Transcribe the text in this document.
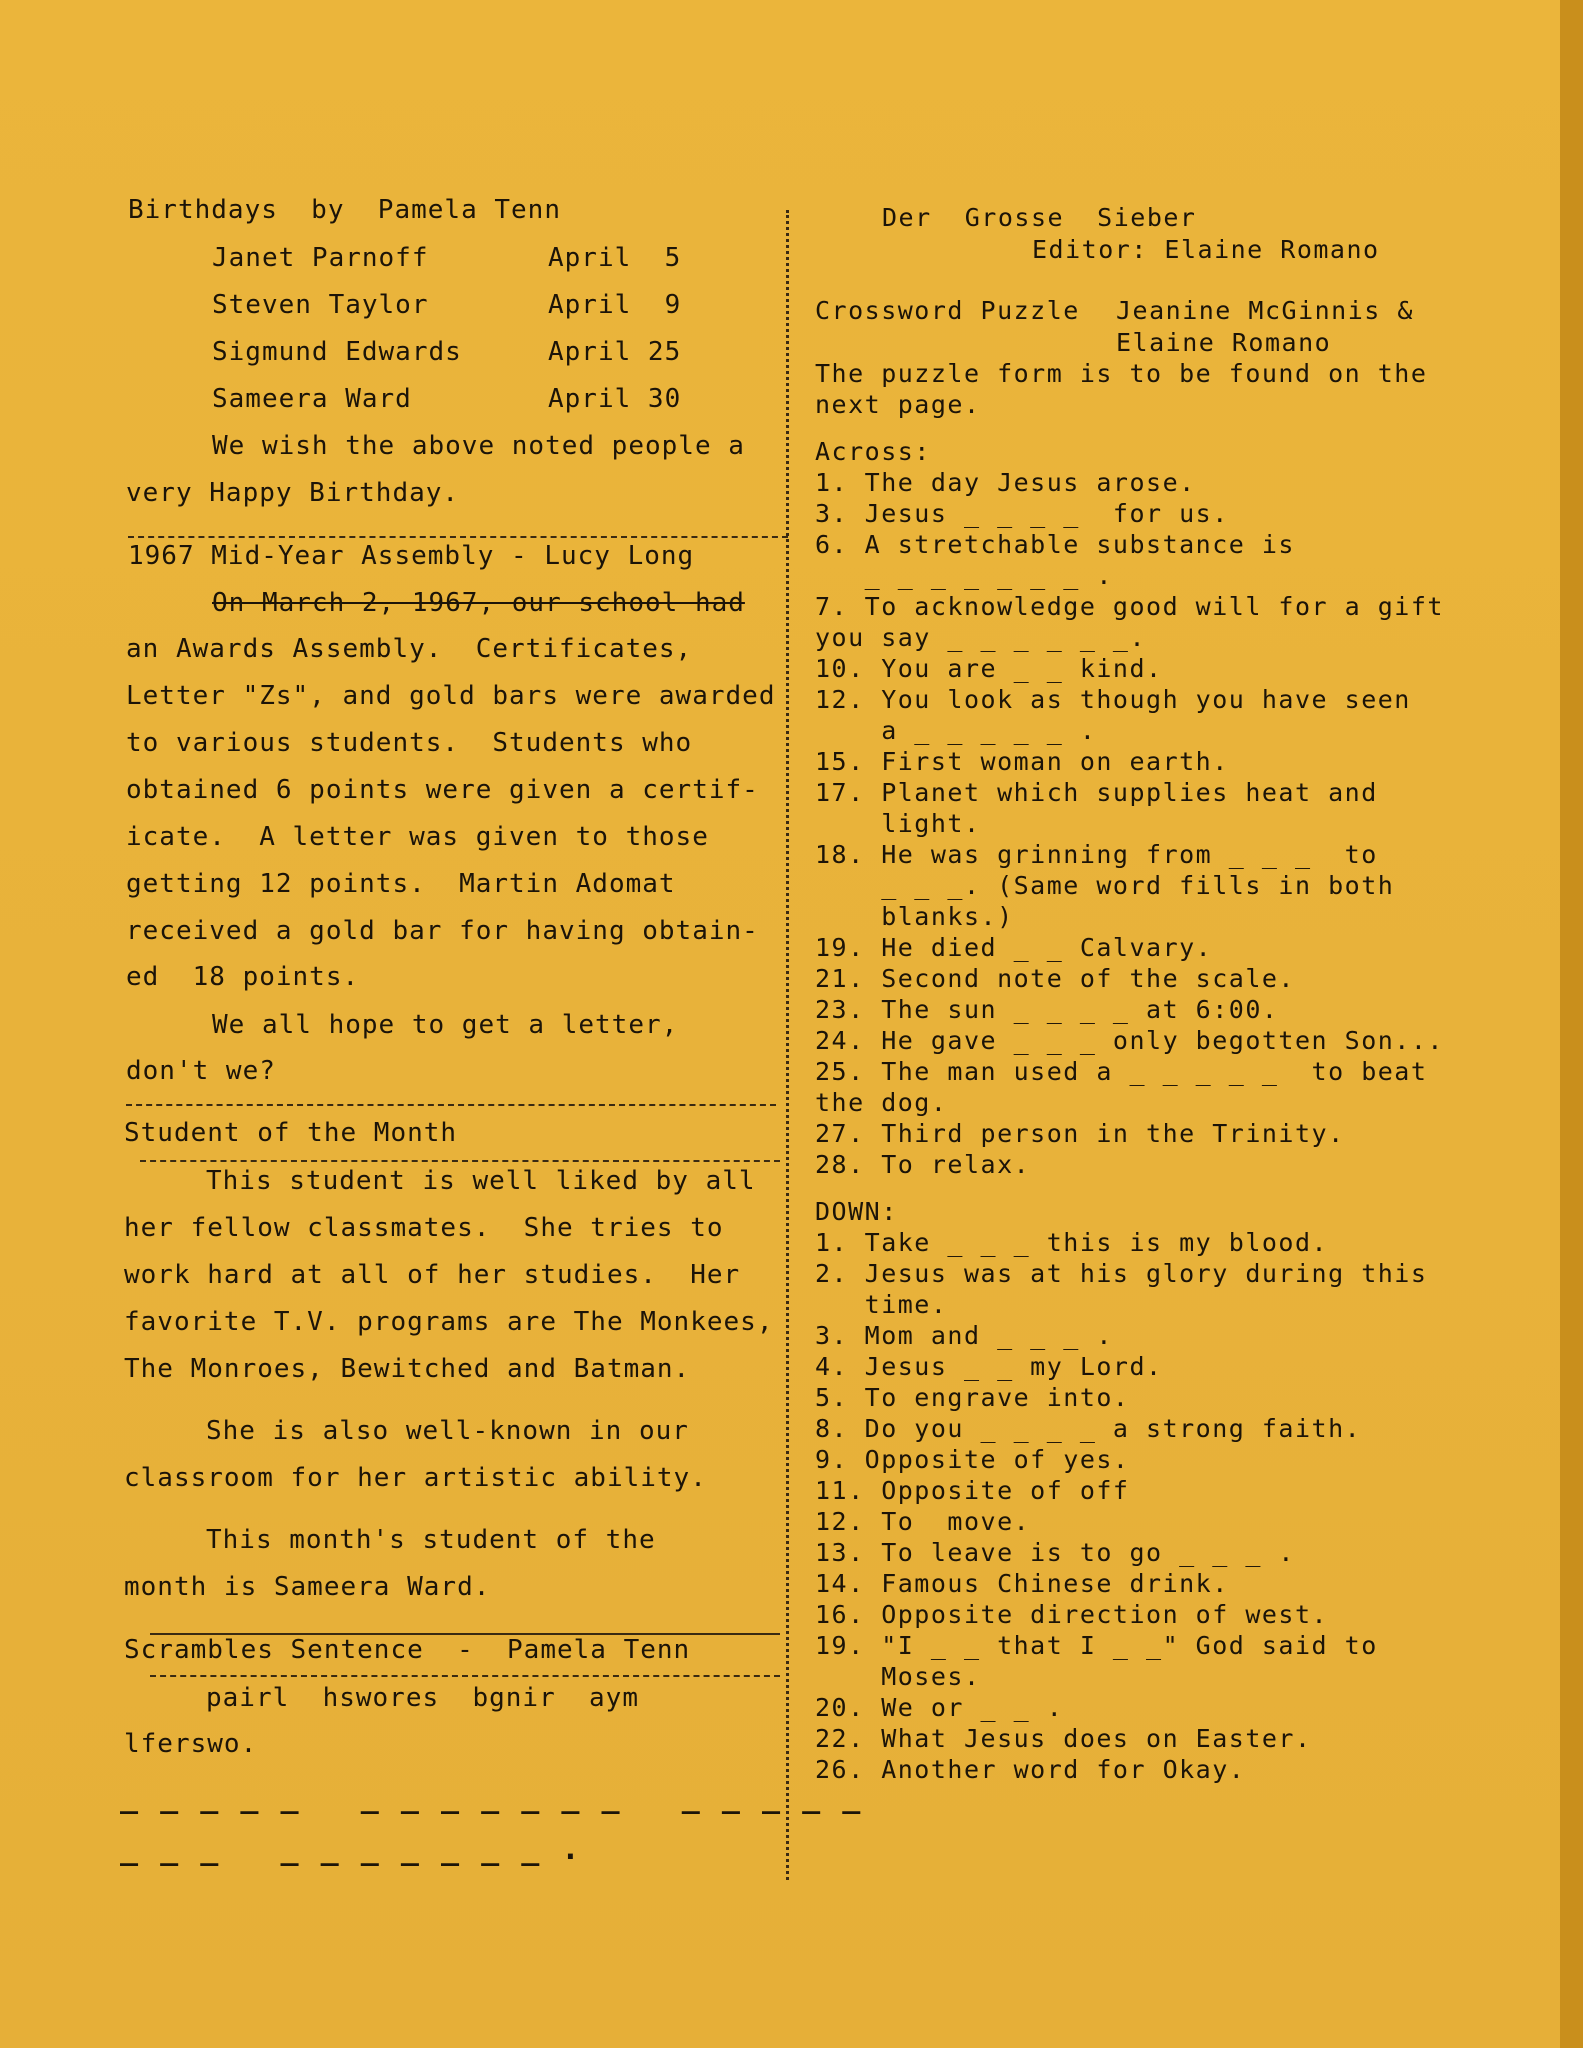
Birthdays  by  Pamela Tenn
Janet Parnoff	April  5
Steven Taylor	April  9
Sigmund Edwards	April 25
Sameera Ward	April 30
We wish the above noted people a
very Happy Birthday.
1967 Mid-Year Assembly - Lucy Long
On March 2, 1967, our school had
an Awards Assembly.  Certificates,
Letter "Zs", and gold bars were awarded
to various students.  Students who
obtained 6 points were given a certif-
icate.  A letter was given to those
getting 12 points.  Martin Adomat
received a gold bar for having obtain-
ed  18 points.
We all hope to get a letter,
don't we?
Student of the Month
This student is well liked by all
her fellow classmates.  She tries to
work hard at all of her studies.  Her
favorite T.V. programs are The Monkees,
The Monroes, Bewitched and Batman.
She is also well-known in our
classroom for her artistic ability.
This month's student of the
month is Sameera Ward.
Scrambles Sentence  -  Pamela Tenn
pairl  hswores  bgnir  aym
lferswo.
_ _ _ _ _   _ _ _ _ _ _ _   _ _ _ _ _
_ _ _   _ _ _ _ _ _ _ .
Der  Grosse  Sieber
Editor: Elaine Romano
Crossword Puzzle Jeanine McGinnis &
Elaine Romano
The puzzle form is to be found on the
next page.
Across:
1. The day Jesus arose.
3. Jesus _ _ _ _  for us.
6. A stretchable substance is
_ _ _ _ _ _ _ .
7. To acknowledge good will for a gift
you say _ _ _ _ _ _.
10. You are _ _ kind.
12. You look as though you have seen
a _ _ _ _ _ .
15. First woman on earth.
17. Planet which supplies heat and
light.
18. He was grinning from _ _ _  to
_ _ _. (Same word fills in both
blanks.)
19. He died _ _ Calvary.
21. Second note of the scale.
23. The sun _ _ _ _ at 6:00.
24. He gave _ _ _ only begotten Son...
25. The man used a _ _ _ _ _  to beat
the dog.
27. Third person in the Trinity.
28. To relax.
DOWN:
1. Take _ _ _ this is my blood.
2. Jesus was at his glory during this
time.
3. Mom and _ _ _ .
4. Jesus _ _ my Lord.
5. To engrave into.
8. Do you _ _ _ _ a strong faith.
9. Opposite of yes.
11. Opposite of off
12. To  move.
13. To leave is to go _ _ _ .
14. Famous Chinese drink.
16. Opposite direction of west.
19. "I _ _ that I _ _" God said to
Moses.
20. We or _ _ .
22. What Jesus does on Easter.
26. Another word for Okay.
